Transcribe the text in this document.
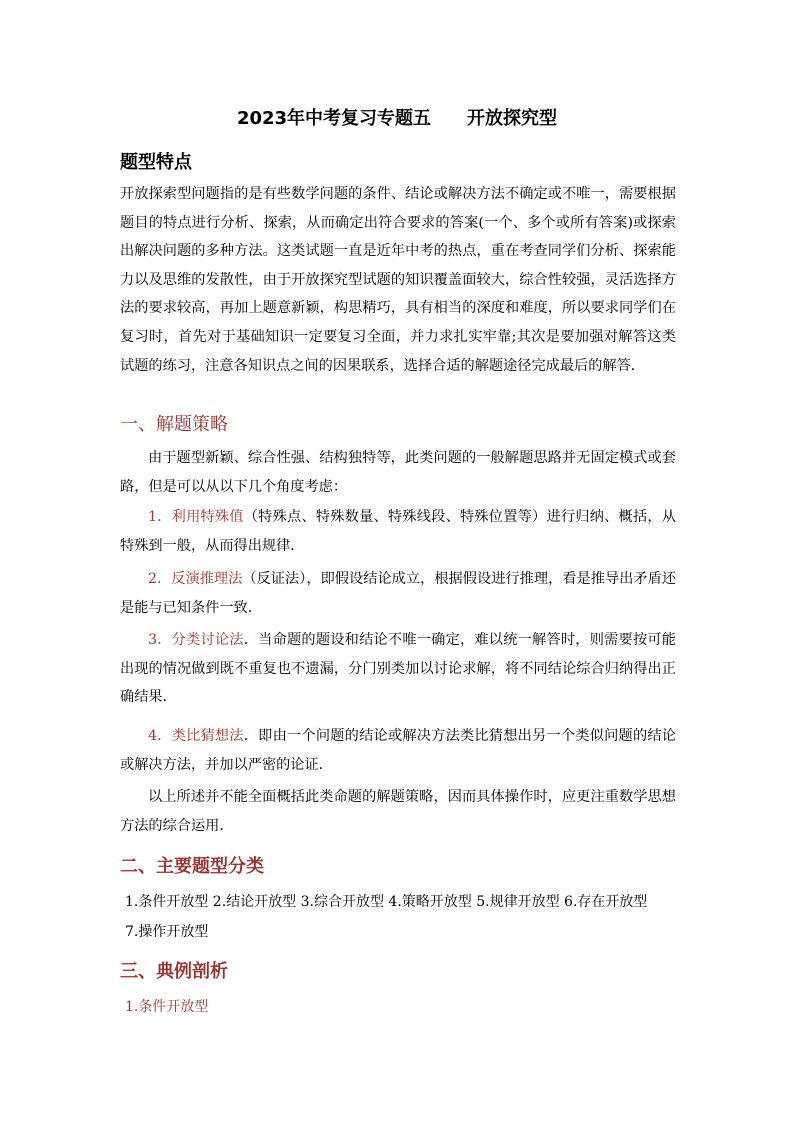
2023年中考复习专题五　　开放探究型
题型特点
开放探索型问题指的是有些数学问题的条件、结论或解决方法不确定或不唯一，需要根据题目的特点进行分析、探索，从而确定出符合要求的答案(一个、多个或所有答案)或探索出解决问题的多种方法。这类试题一直是近年中考的热点，重在考查同学们分析、探索能力以及思维的发散性，由于开放探究型试题的知识覆盖面较大，综合性较强，灵活选择方法的要求较高，再加上题意新颖，构思精巧，具有相当的深度和难度，所以要求同学们在复习时，首先对于基础知识一定要复习全面，并力求扎实牢靠;其次是要加强对解答这类试题的练习，注意各知识点之间的因果联系，选择合适的解题途径完成最后的解答．
一、解题策略
由于题型新颖、综合性强、结构独特等，此类问题的一般解题思路并无固定模式或套路，但是可以从以下几个角度考虑：
1．利用特殊值（特殊点、特殊数量、特殊线段、特殊位置等）进行归纳、概括，从特殊到一般，从而得出规律．
2．反演推理法（反证法），即假设结论成立，根据假设进行推理，看是推导出矛盾还是能与已知条件一致．
3．分类讨论法．当命题的题设和结论不唯一确定，难以统一解答时，则需要按可能出现的情况做到既不重复也不遗漏，分门别类加以讨论求解，将不同结论综合归纳得出正确结果．
4．类比猜想法．即由一个问题的结论或解决方法类比猜想出另一个类似问题的结论或解决方法，并加以严密的论证．
以上所述并不能全面概括此类命题的解题策略，因而具体操作时，应更注重数学思想方法的综合运用．
二、主要题型分类
1.条件开放型 2.结论开放型 3.综合开放型 4.策略开放型 5.规律开放型 6.存在开放型
7.操作开放型
三、典例剖析
1.条件开放型
